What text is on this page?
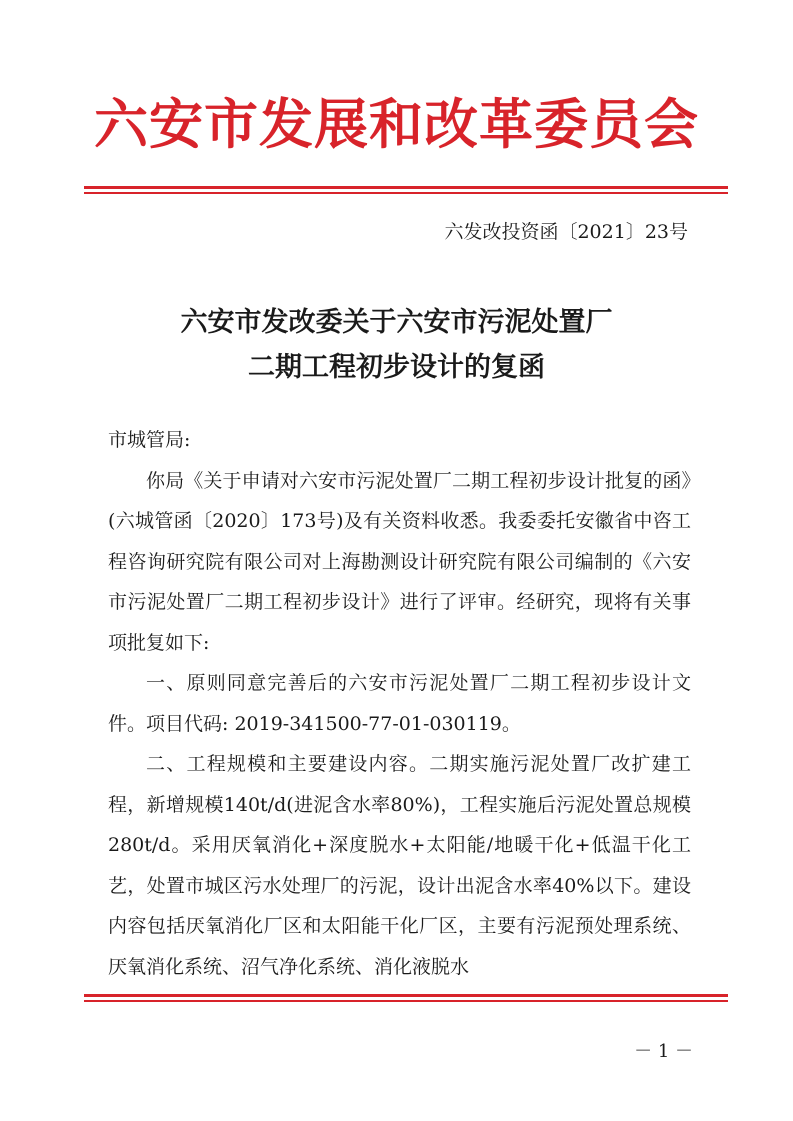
六安市发展和改革委员会
六发改投资函〔2021〕23号
六安市发改委关于六安市污泥处置厂
二期工程初步设计的复函

市城管局:

你局《关于申请对六安市污泥处置厂二期工程初步设计批复的函》(六城管函〔2020〕173号)及有关资料收悉。我委委托安徽省中咨工程咨询研究院有限公司对上海勘测设计研究院有限公司编制的《六安市污泥处置厂二期工程初步设计》进行了评审。经研究，现将有关事项批复如下:

一、原则同意完善后的六安市污泥处置厂二期工程初步设计文件。项目代码: 2019-341500-77-01-030119。

二、工程规模和主要建设内容。二期实施污泥处置厂改扩建工程，新增规模140t/d(进泥含水率80%)，工程实施后污泥处置总规模280t/d。采用厌氧消化+深度脱水+太阳能/地暖干化+低温干化工艺，处置市城区污水处理厂的污泥，设计出泥含水率40%以下。建设内容包括厌氧消化厂区和太阳能干化厂区，主要有污泥预处理系统、厌氧消化系统、沼气净化系统、消化液脱水

－ 1 －
